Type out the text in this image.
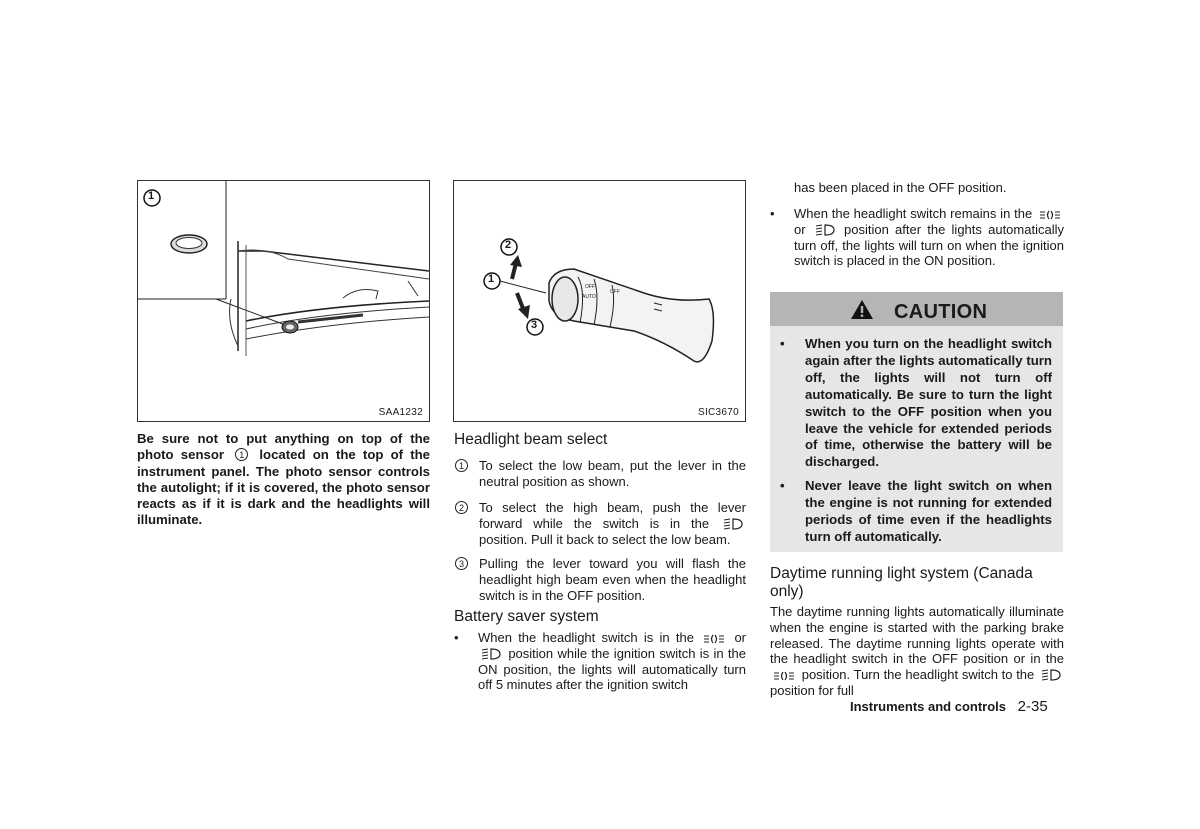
1
SAA1232
OFF
AUTO
OFF
2
1
3
SIC3670
Be sure not to put anything on top of the photo sensor 1 located on the top of the instrument panel. The photo sensor controls the autolight; if it is covered, the photo sensor reacts as if it is dark and the headlights will illuminate.
Headlight beam select
1	To select the low beam, put the lever in the neutral position as shown.
2	To select the high beam, push the lever forward while the switch is in the  position. Pull it back to select the low beam.
3	Pulling the lever toward you will flash the headlight high beam even when the headlight switch is in the OFF position.
Battery saver system
• When the headlight switch is in the	or  position while the ignition switch is in the ON position, the lights will automatically turn off 5 minutes after the ignition switch
has been placed in the OFF position.
• When the headlight switch remains in the  or	position after the lights automatically turn off, the lights will turn on when the ignition switch is placed in the ON position.
CAUTION
• When you turn on the headlight switch again after the lights automatically turn off, the lights will not turn off automatically. Be sure to turn the light switch to the OFF position when you leave the vehicle for extended periods of time, otherwise the battery will be discharged.
• Never leave the light switch on when the engine is not running for extended periods of time even if the headlights turn off automatically.
Daytime running light system (Canada only)
The daytime running lights automatically illuminate when the engine is started with the parking brake released. The daytime running lights operate with the headlight switch in the OFF position or in the  position. Turn the headlight switch to the  position for full
Instruments and controls 2-35
